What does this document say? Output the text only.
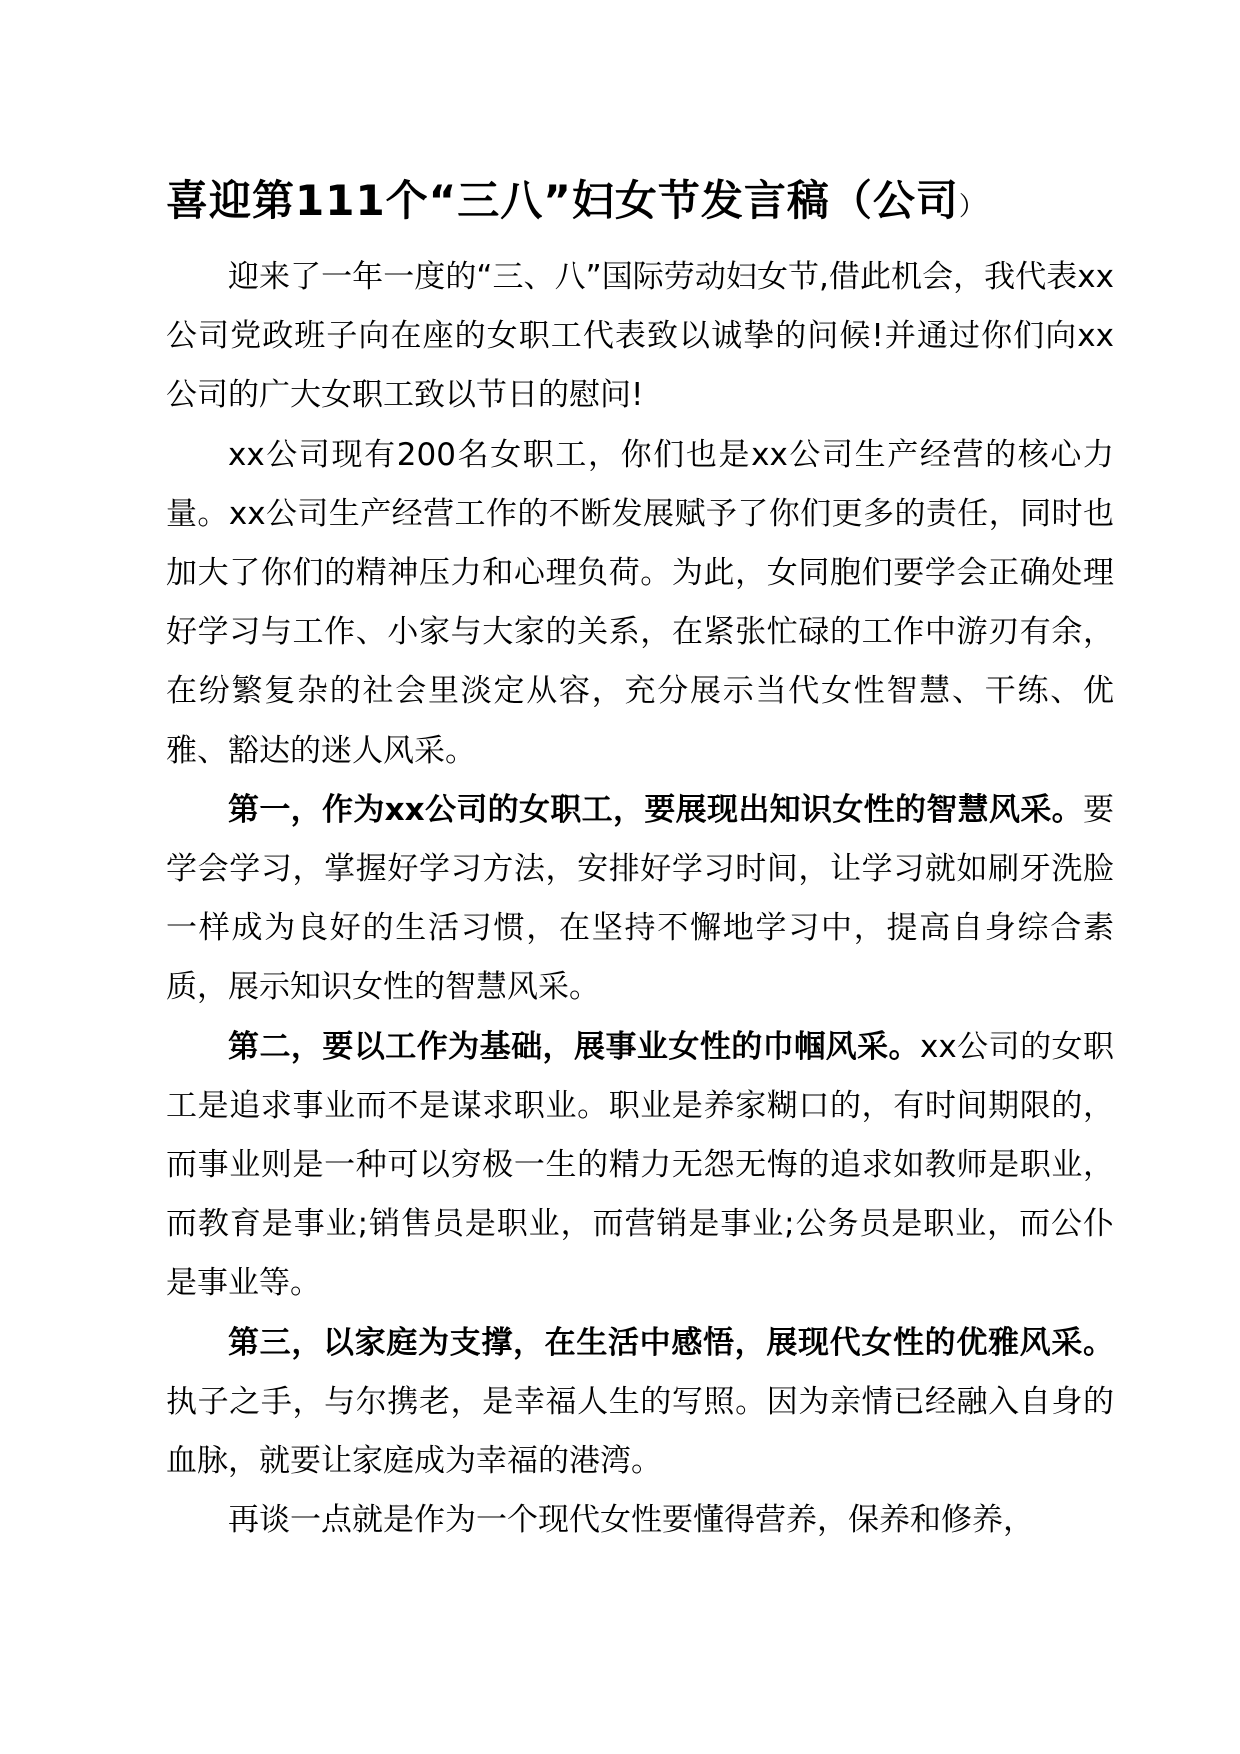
喜迎第111个“三八”妇女节发言稿（公司）

迎来了一年一度的“三、八”国际劳动妇女节,借此机会，我代表xx公司党政班子向在座的女职工代表致以诚挚的问候!并通过你们向xx公司的广大女职工致以节日的慰问!

xx公司现有200名女职工，你们也是xx公司生产经营的核心力量。xx公司生产经营工作的不断发展赋予了你们更多的责任，同时也加大了你们的精神压力和心理负荷。为此，女同胞们要学会正确处理好学习与工作、小家与大家的关系，在紧张忙碌的工作中游刃有余，在纷繁复杂的社会里淡定从容，充分展示当代女性智慧、干练、优雅、豁达的迷人风采。

第一，作为xx公司的女职工，要展现出知识女性的智慧风采。要学会学习，掌握好学习方法，安排好学习时间，让学习就如刷牙洗脸一样成为良好的生活习惯，在坚持不懈地学习中，提高自身综合素质，展示知识女性的智慧风采。

第二，要以工作为基础，展事业女性的巾帼风采。xx公司的女职工是追求事业而不是谋求职业。职业是养家糊口的，有时间期限的，而事业则是一种可以穷极一生的精力无怨无悔的追求如教师是职业，而教育是事业;销售员是职业，而营销是事业;公务员是职业，而公仆是事业等。

第三，以家庭为支撑，在生活中感悟，展现代女性的优雅风采。执子之手，与尔携老，是幸福人生的写照。因为亲情已经融入自身的血脉，就要让家庭成为幸福的港湾。

再谈一点就是作为一个现代女性要懂得营养，保养和修养，
